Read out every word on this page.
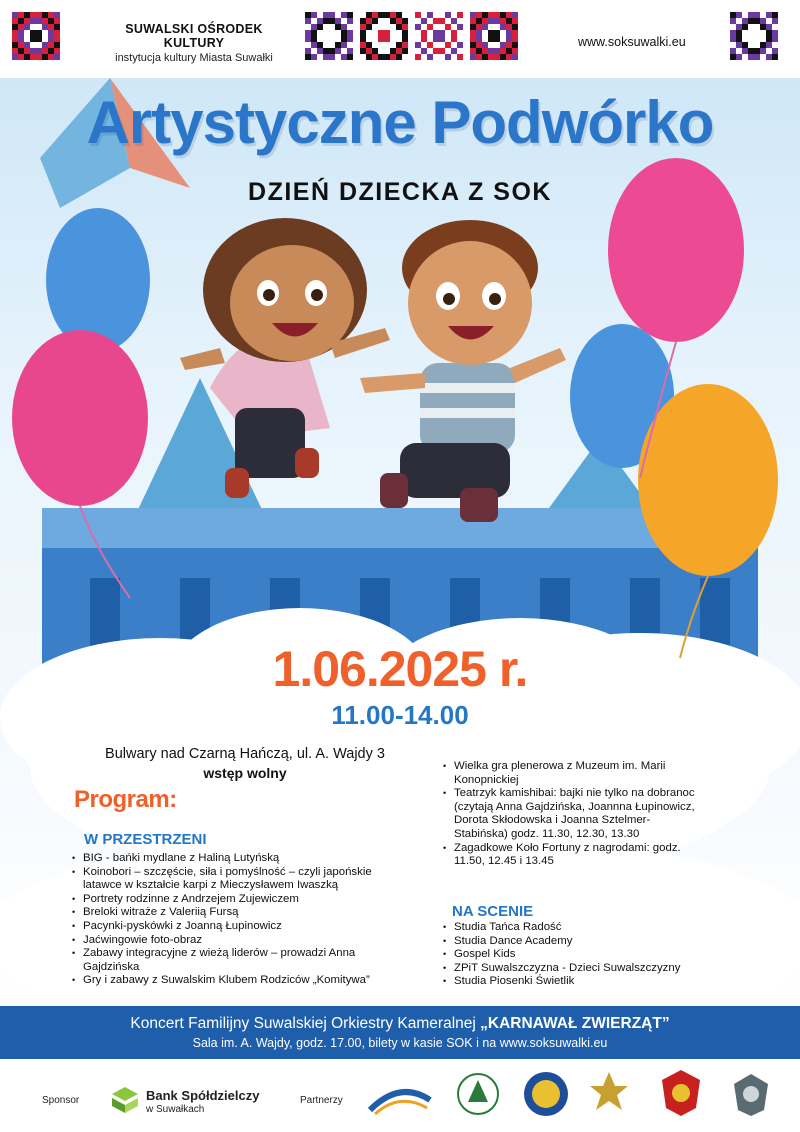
SUWALSKI OŚRODEK KULTURY
instytucja kultury Miasta Suwałki
www.soksuwalki.eu
Artystyczne Podwórko
DZIEŃ DZIECKA Z SOK
1.06.2025 r.
11.00-14.00
Bulwary nad Czarną Hańczą, ul. A. Wajdy 3
wstęp wolny
Program:
W PRZESTRZENI
• BIG - bańki mydlane z Haliną Lutyńską
• Koinobori – szczęście, siła i pomyślność – czyli japońskie latawce w kształcie karpi z Mieczysławem Iwaszką
• Portrety rodzinne z Andrzejem Zujewiczem
• Breloki witraże z Valeriią Fursą
• Pacynki-pyskówki z Joanną Łupinowicz
• Jaćwingowie foto-obraz
• Zabawy integracyjne z wieżą liderów – prowadzi Anna Gajdzińska
• Gry i zabawy z Suwalskim Klubem Rodziców „Komitywa”
• Wielka gra plenerowa z Muzeum im. Marii Konopnickiej
• Teatrzyk kamishibai: bajki nie tylko na dobranoc (czytają Anna Gajdzińska, Joannna Łupinowicz, Dorota Skłodowska i Joanna Sztelmer-Stabińska) godz. 11.30, 12.30, 13.30
• Zagadkowe Koło Fortuny z nagrodami: godz. 11.50, 12.45 i 13.45
NA SCENIE
• Studia Tańca Radość
• Studia Dance Academy
• Gospel Kids
• ZPiT Suwalszczyzna - Dzieci Suwalszczyzny
• Studia Piosenki Świetlik
Koncert Familijny Suwalskiej Orkiestry Kameralnej „KARNAWAŁ ZWIERZĄT”
Sala im. A. Wajdy, godz. 17.00, bilety w kasie SOK i na www.soksuwalki.eu
Sponsor	Bank Spółdzielczy
w Suwałkach
Partnerzy
